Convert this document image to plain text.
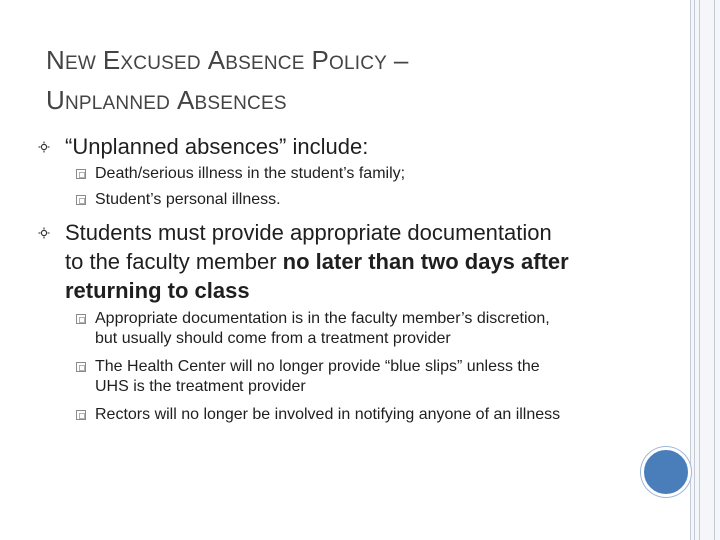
NEW EXCUSED ABSENCE POLICY –
UNPLANNED ABSENCES
“Unplanned absences” include:
Death/serious illness in the student’s family;
Student’s personal illness.
Students must provide appropriate documentation
to the faculty member no later than two days after
returning to class
Appropriate documentation is in the faculty member’s discretion,
but usually should come from a treatment provider
The Health Center will no longer provide “blue slips” unless the
UHS is the treatment provider
Rectors will no longer be involved in notifying anyone of an illness
